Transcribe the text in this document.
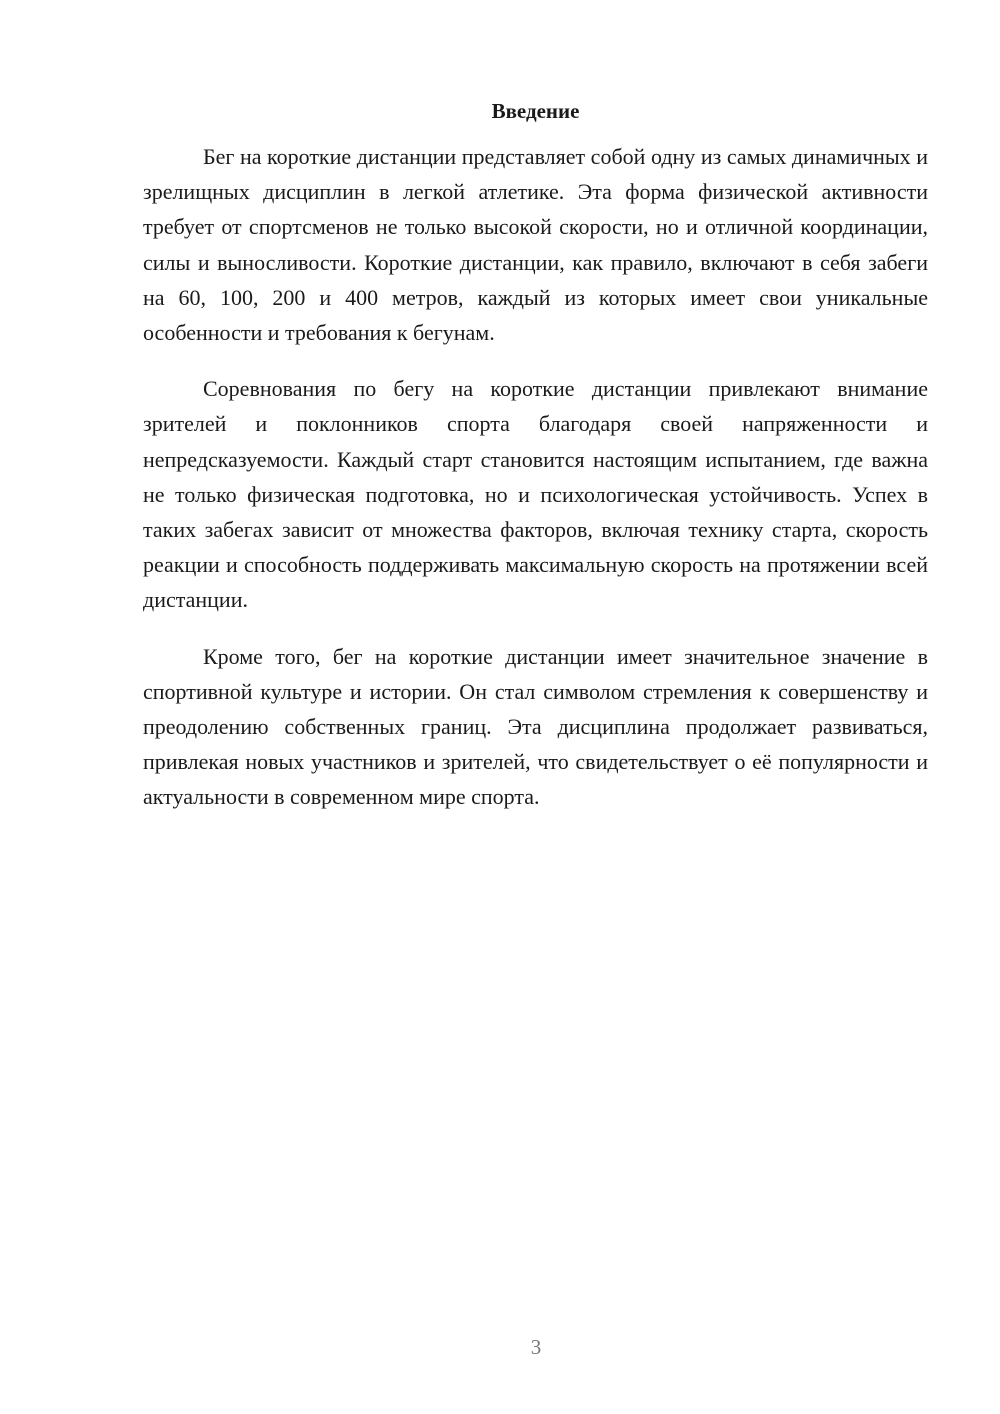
Введение

Бег на короткие дистанции представляет собой одну из самых динамичных и зрелищных дисциплин в легкой атлетике. Эта форма физической активности требует от спортсменов не только высокой скорости, но и отличной координации, силы и выносливости. Короткие дистанции, как правило, включают в себя забеги на 60, 100, 200 и 400 метров, каждый из которых имеет свои уникальные особенности и требования к бегунам.

Соревнования по бегу на короткие дистанции привлекают внимание зрителей и поклонников спорта благодаря своей напряженности и непредсказуемости. Каждый старт становится настоящим испытанием, где важна не только физическая подготовка, но и психологическая устойчивость. Успех в таких забегах зависит от множества факторов, включая технику старта, скорость реакции и способность поддерживать максимальную скорость на протяжении всей дистанции.

Кроме того, бег на короткие дистанции имеет значительное значение в спортивной культуре и истории. Он стал символом стремления к совершенству и преодолению собственных границ. Эта дисциплина продолжает развиваться, привлекая новых участников и зрителей, что свидетельствует о её популярности и актуальности в современном мире спорта.

3
